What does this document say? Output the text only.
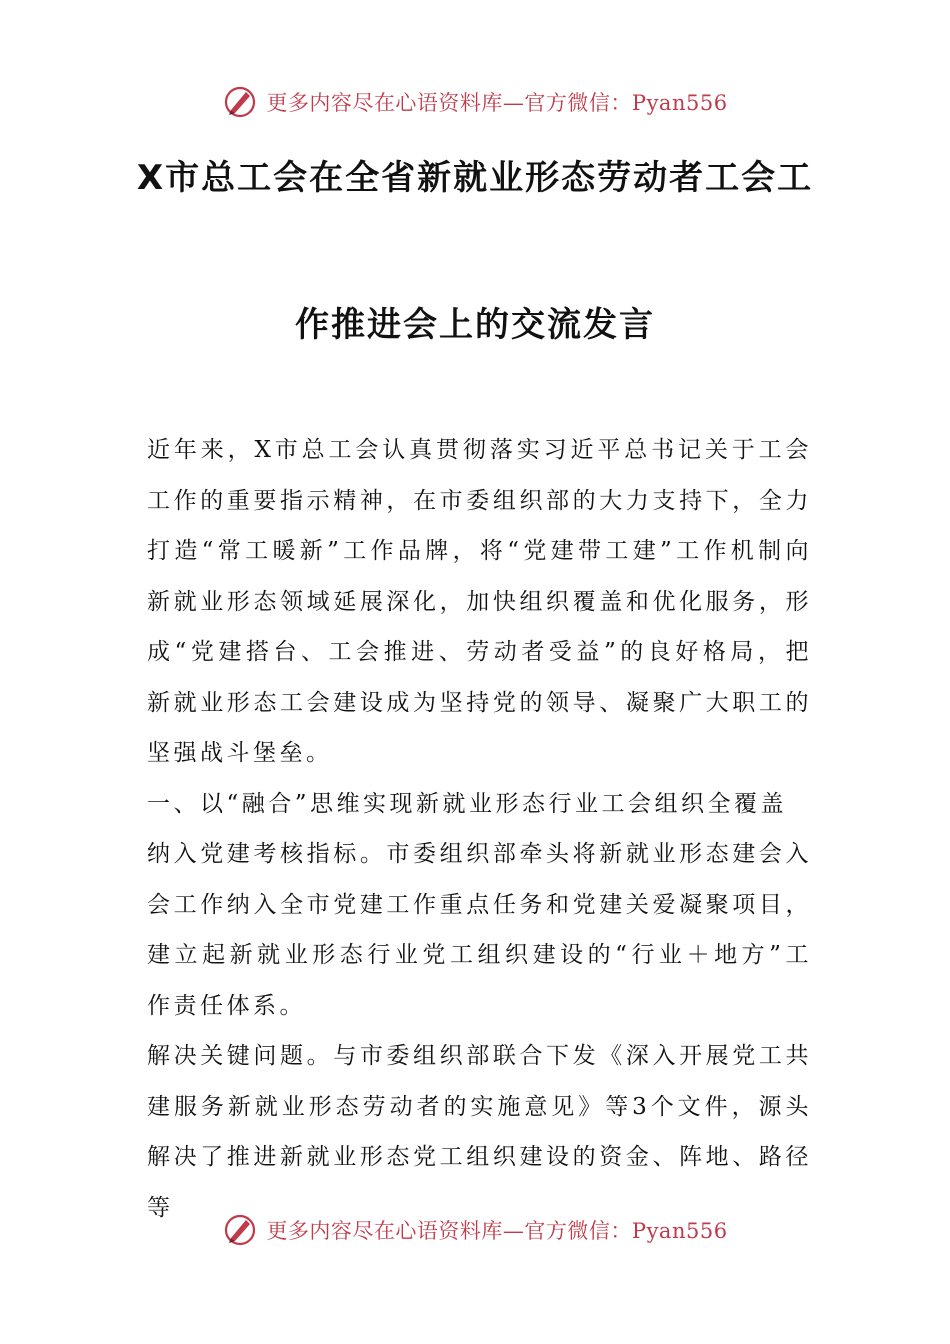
更多内容尽在心语资料库—官方微信：Pyan556
X市总工会在全省新就业形态劳动者工会工
作推进会上的交流发言

近年来，X市总工会认真贯彻落实习近平总书记关于工会工作的重要指示精神，在市委组织部的大力支持下，全力打造“常工暖新”工作品牌，将“党建带工建”工作机制向新就业形态领域延展深化，加快组织覆盖和优化服务，形成“党建搭台、工会推进、劳动者受益”的良好格局，把新就业形态工会建设成为坚持党的领导、凝聚广大职工的坚强战斗堡垒。

一、以“融合”思维实现新就业形态行业工会组织全覆盖

纳入党建考核指标。市委组织部牵头将新就业形态建会入会工作纳入全市党建工作重点任务和党建关爱凝聚项目，建立起新就业形态行业党工组织建设的“行业＋地方”工作责任体系。

解决关键问题。与市委组织部联合下发《深入开展党工共建服务新就业形态劳动者的实施意见》等3个文件，源头解决了推进新就业形态党工组织建设的资金、阵地、路径等

更多内容尽在心语资料库—官方微信：Pyan556
